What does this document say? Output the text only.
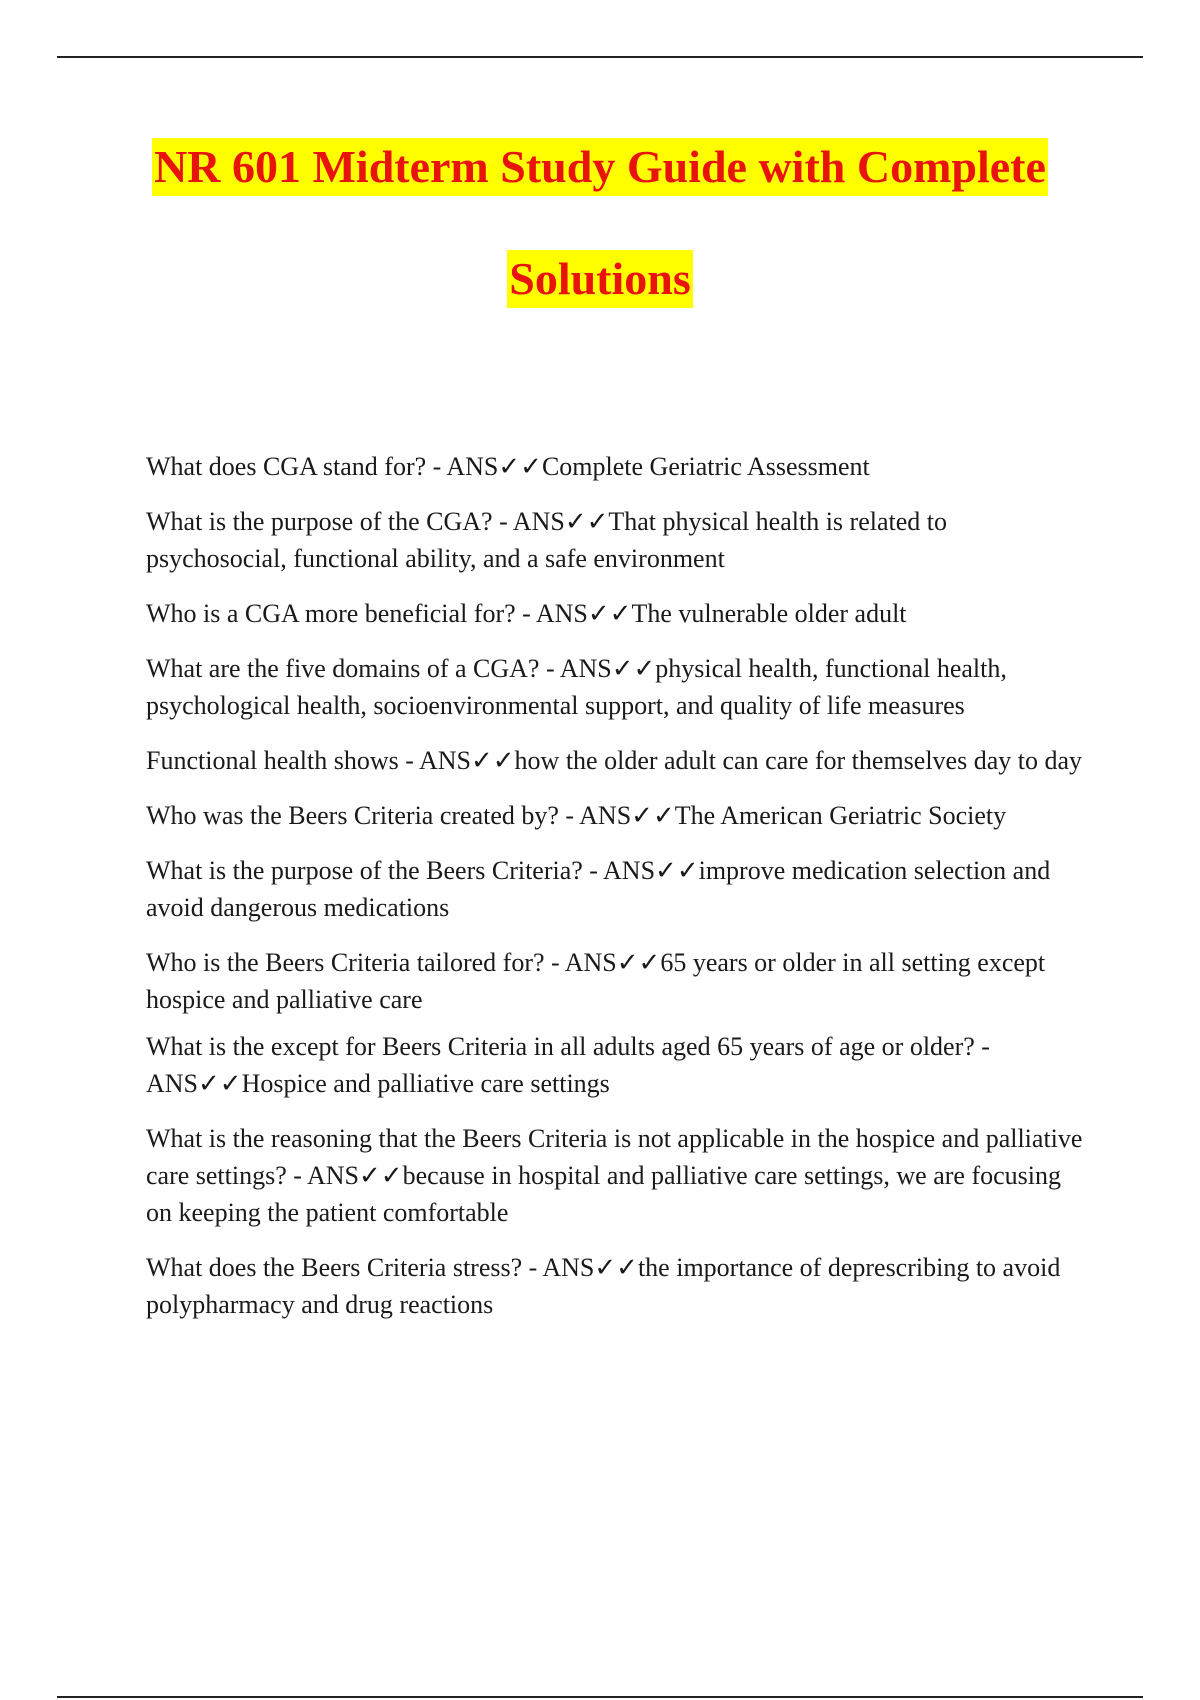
NR 601 Midterm Study Guide with Complete
Solutions
What does CGA stand for? - ANS✓✓Complete Geriatric Assessment
What is the purpose of the CGA? - ANS✓✓That physical health is related to psychosocial, functional ability, and a safe environment
Who is a CGA more beneficial for? - ANS✓✓The vulnerable older adult
What are the five domains of a CGA? - ANS✓✓physical health, functional health, psychological health, socioenvironmental support, and quality of life measures
Functional health shows - ANS✓✓how the older adult can care for themselves day to day
Who was the Beers Criteria created by? - ANS✓✓The American Geriatric Society
What is the purpose of the Beers Criteria? - ANS✓✓improve medication selection and avoid dangerous medications
Who is the Beers Criteria tailored for? - ANS✓✓65 years or older in all setting except hospice and palliative care
What is the except for Beers Criteria in all adults aged 65 years of age or older? - ANS✓✓Hospice and palliative care settings
What is the reasoning that the Beers Criteria is not applicable in the hospice and palliative care settings? - ANS✓✓because in hospital and palliative care settings, we are focusing on keeping the patient comfortable
What does the Beers Criteria stress? - ANS✓✓the importance of deprescribing to avoid polypharmacy and drug reactions
